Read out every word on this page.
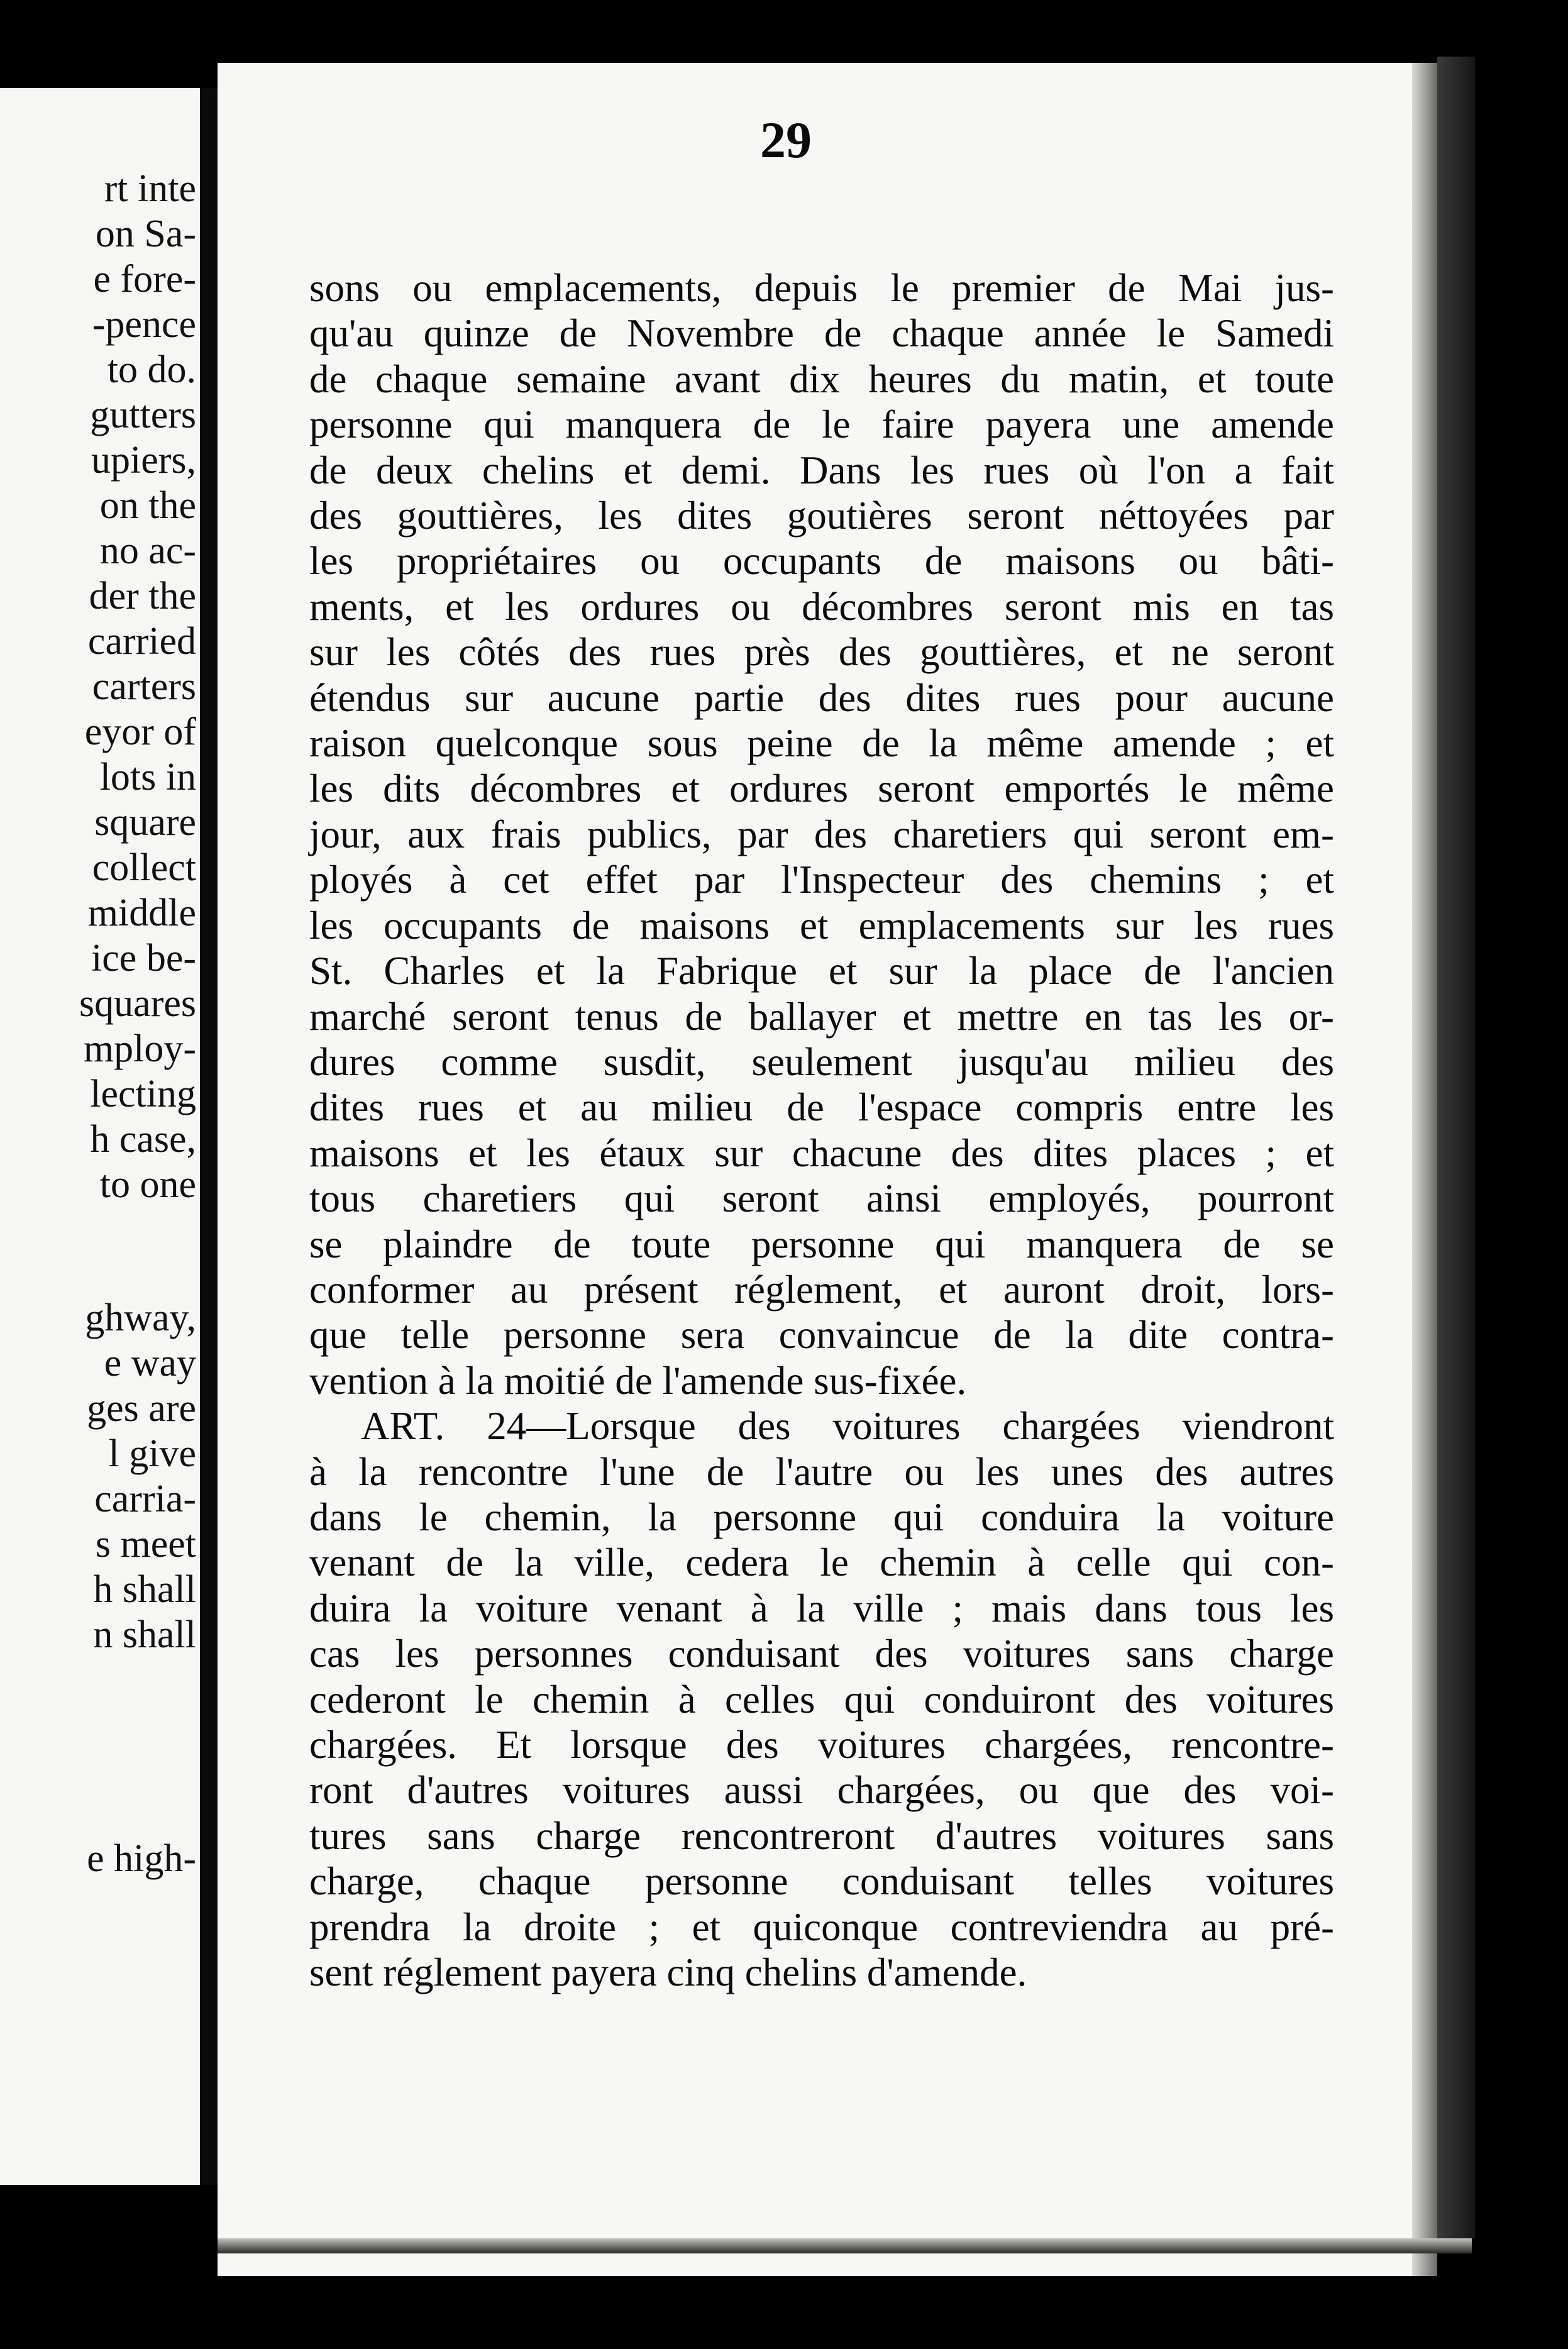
rt inte
on Sa-
e fore-
-pence
to do.
gutters
upiers,
on the
no ac-
der the
carried
carters
eyor of
lots in
square
collect
middle
ice be-
squares
mploy-
lecting
h case,
to one
ghway,
e way
ges are
l give
carria-
s meet
h shall
n shall
e high-
29
sons ou emplacements, depuis le premier de Mai jus-
qu'au quinze de Novembre de chaque année le Samedi
de chaque semaine avant dix heures du matin, et toute
personne qui manquera de le faire payera une amende
de deux chelins et demi. Dans les rues où l'on a fait
des gouttières, les dites goutières seront néttoyées par
les propriétaires ou occupants de maisons ou bâti-
ments, et les ordures ou décombres seront mis en tas
sur les côtés des rues près des gouttières, et ne seront
étendus sur aucune partie des dites rues pour aucune
raison quelconque sous peine de la même amende ; et
les dits décombres et ordures seront emportés le même
jour, aux frais publics, par des charetiers qui seront em-
ployés à cet effet par l'Inspecteur des chemins ; et
les occupants de maisons et emplacements sur les rues
St. Charles et la Fabrique et sur la place de l'ancien
marché seront tenus de ballayer et mettre en tas les or-
dures comme susdit, seulement jusqu'au milieu des
dites rues et au milieu de l'espace compris entre les
maisons et les étaux sur chacune des dites places ; et
tous charetiers qui seront ainsi employés, pourront
se plaindre de toute personne qui manquera de se
conformer au présent réglement, et auront droit, lors-
que telle personne sera convaincue de la dite contra-
vention à la moitié de l'amende sus-fixée.
ART. 24—Lorsque des voitures chargées viendront
à la rencontre l'une de l'autre ou les unes des autres
dans le chemin, la personne qui conduira la voiture
venant de la ville, cedera le chemin à celle qui con-
duira la voiture venant à la ville ; mais dans tous les
cas les personnes conduisant des voitures sans charge
cederont le chemin à celles qui conduiront des voitures
chargées. Et lorsque des voitures chargées, rencontre-
ront d'autres voitures aussi chargées, ou que des voi-
tures sans charge rencontreront d'autres voitures sans
charge, chaque personne conduisant telles voitures
prendra la droite ; et quiconque contreviendra au pré-
sent réglement payera cinq chelins d'amende.
